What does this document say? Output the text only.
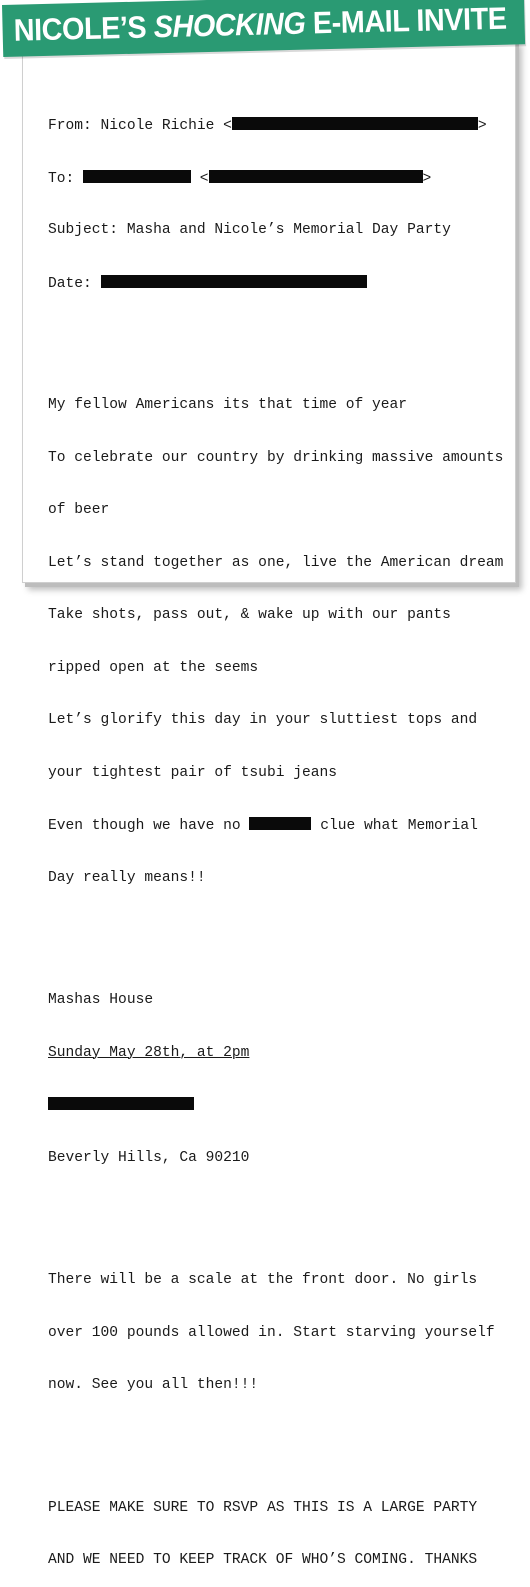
NICOLE’S SHOCKING E-MAIL INVITE

From: Nicole Richie <	>

To:	<	>

Subject: Masha and Nicole’s Memorial Day Party

Date:

My fellow Americans its that time of year

To celebrate our country by drinking massive amounts

of beer

Let’s stand together as one, live the American dream

Take shots, pass out, & wake up with our pants

ripped open at the seems

Let’s glorify this day in your sluttiest tops and

your tightest pair of tsubi jeans

Even though we have no	clue what Memorial

Day really means!!

Mashas House

Sunday May 28th, at 2pm

Beverly Hills, Ca 90210

There will be a scale at the front door. No girls

over 100 pounds allowed in. Start starving yourself

now. See you all then!!!

PLEASE MAKE SURE TO RSVP AS THIS IS A LARGE PARTY

AND WE NEED TO KEEP TRACK OF WHO’S COMING. THANKS
